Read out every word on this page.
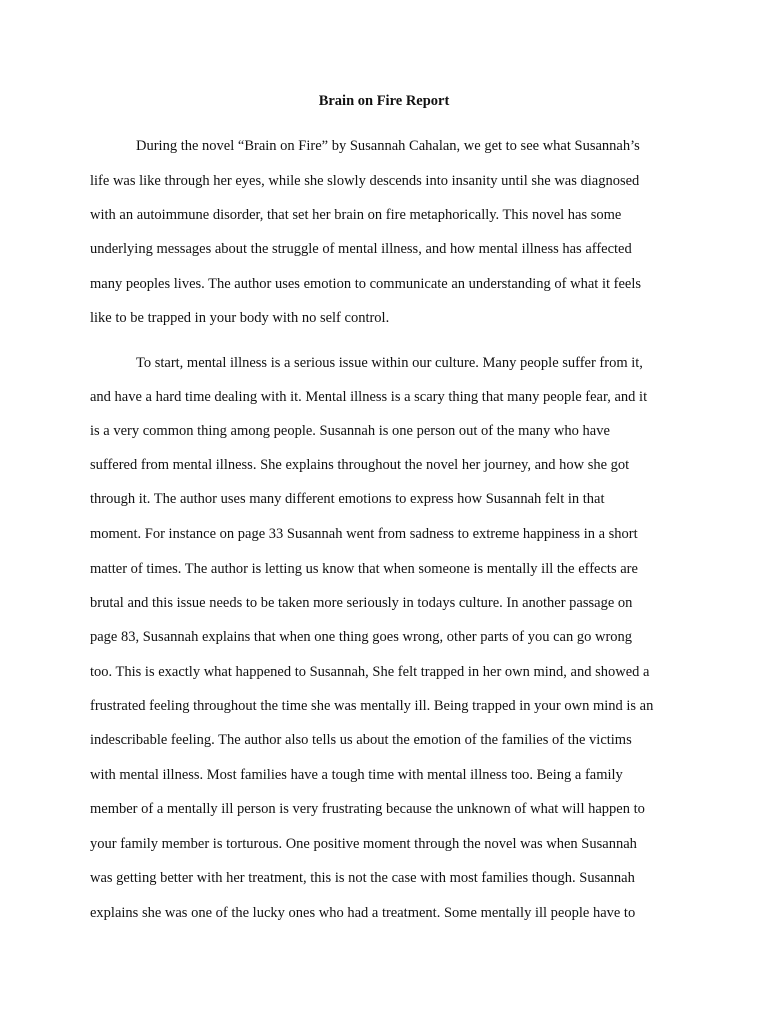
Brain on Fire Report
During the novel “Brain on Fire” by Susannah Cahalan, we get to see what Susannah’s
life was like through her eyes, while she slowly descends into insanity until she was diagnosed
with an autoimmune disorder, that set her brain on fire metaphorically. This novel has some
underlying messages about the struggle of mental illness, and how mental illness has affected
many peoples lives. The author uses emotion to communicate an understanding of what it feels
like to be trapped in your body with no self control.
To start, mental illness is a serious issue within our culture. Many people suffer from it,
and have a hard time dealing with it. Mental illness is a scary thing that many people fear, and it
is a very common thing among people. Susannah is one person out of the many who have
suffered from mental illness. She explains throughout the novel her journey, and how she got
through it. The author uses many different emotions to express how Susannah felt in that
moment. For instance on page 33 Susannah went from sadness to extreme happiness in a short
matter of times. The author is letting us know that when someone is mentally ill the effects are
brutal and this issue needs to be taken more seriously in todays culture. In another passage on
page 83, Susannah explains that when one thing goes wrong, other parts of you can go wrong
too. This is exactly what happened to Susannah, She felt trapped in her own mind, and showed a
frustrated feeling throughout the time she was mentally ill. Being trapped in your own mind is an
indescribable feeling. The author also tells us about the emotion of the families of the victims
with mental illness. Most families have a tough time with mental illness too. Being a family
member of a mentally ill person is very frustrating because the unknown of what will happen to
your family member is torturous. One positive moment through the novel was when Susannah
was getting better with her treatment, this is not the case with most families though. Susannah
explains she was one of the lucky ones who had a treatment. Some mentally ill people have to
